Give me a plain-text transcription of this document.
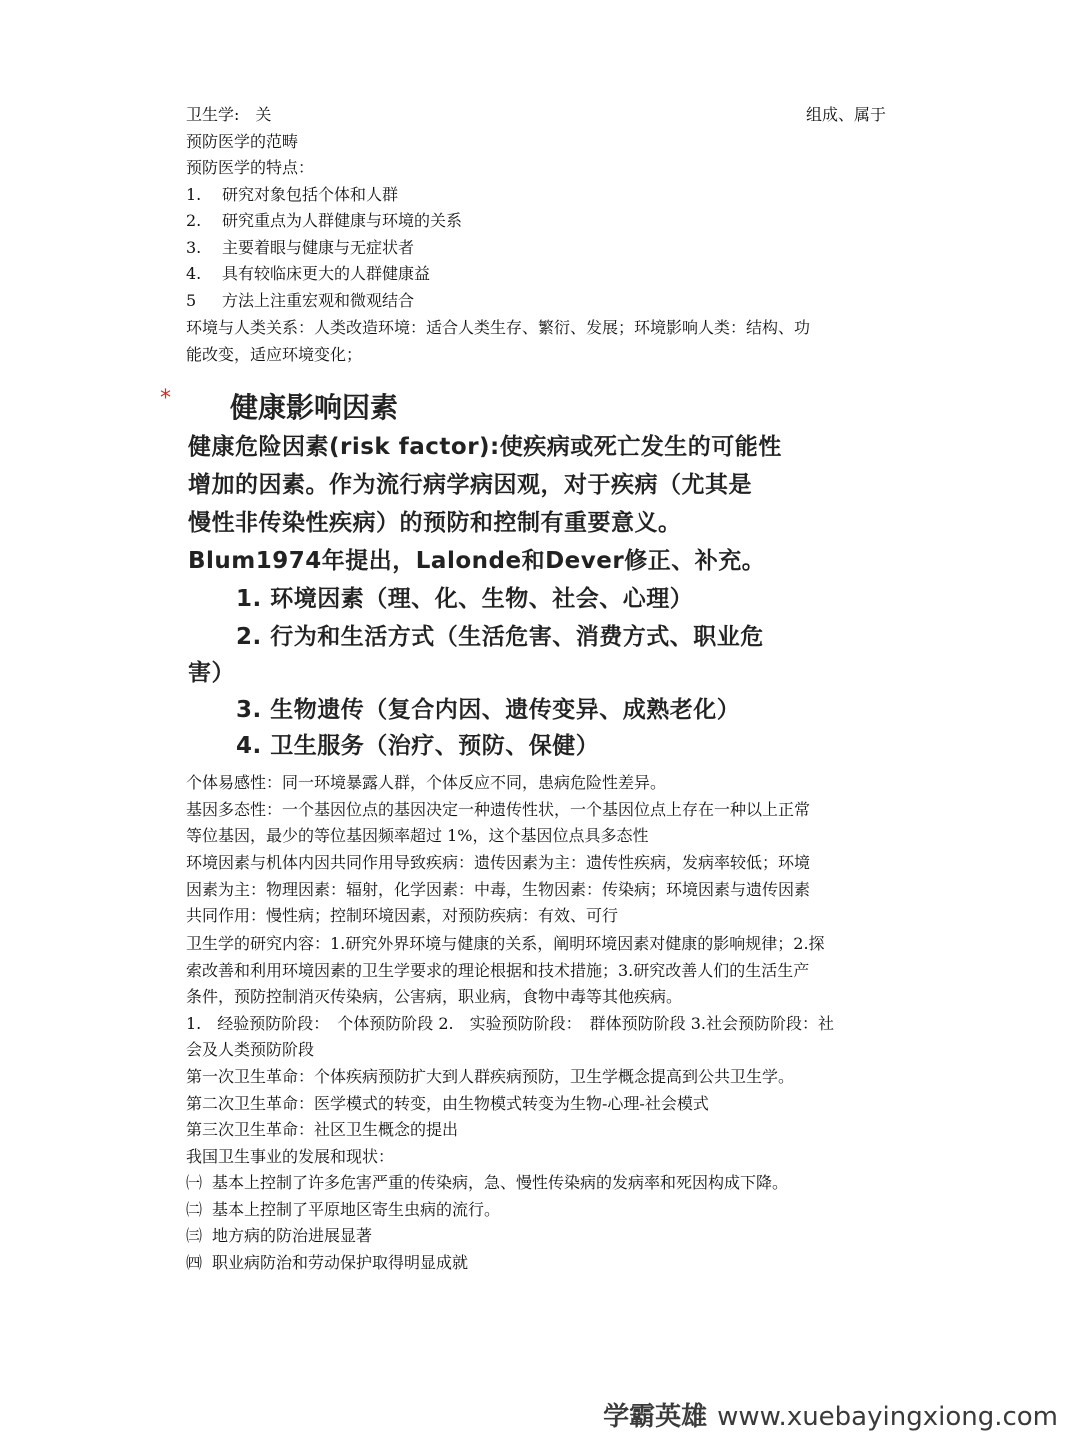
卫生学:　关	组成、属于
预防医学的范畴
预防医学的特点：
1. 研究对象包括个体和人群
2. 研究重点为人群健康与环境的关系
3. 主要着眼与健康与无症状者
4. 具有较临床更大的人群健康益
5 方法上注重宏观和微观结合
环境与人类关系：人类改造环境：适合人类生存、繁衍、发展；环境影响人类：结构、功
能改变，适应环境变化；
* 健康影响因素
健康危险因素(risk factor):使疾病或死亡发生的可能性
增加的因素。作为流行病学病因观，对于疾病（尤其是
慢性非传染性疾病）的预防和控制有重要意义。
Blum1974年提出，Lalonde和Dever修正、补充。
1. 环境因素（理、化、生物、社会、心理）
2. 行为和生活方式（生活危害、消费方式、职业危
害）
3. 生物遗传（复合内因、遗传变异、成熟老化）
4. 卫生服务（治疗、预防、保健）
个体易感性：同一环境暴露人群，个体反应不同，患病危险性差异。
基因多态性：一个基因位点的基因决定一种遗传性状，一个基因位点上存在一种以上正常
等位基因，最少的等位基因频率超过 1%，这个基因位点具多态性
环境因素与机体内因共同作用导致疾病：遗传因素为主：遗传性疾病，发病率较低；环境
因素为主：物理因素：辐射，化学因素：中毒，生物因素：传染病；环境因素与遗传因素
共同作用：慢性病；控制环境因素，对预防疾病：有效、可行
卫生学的研究内容：1.研究外界环境与健康的关系，阐明环境因素对健康的影响规律；2.探
索改善和利用环境因素的卫生学要求的理论根据和技术措施；3.研究改善人们的生活生产
条件，预防控制消灭传染病，公害病，职业病，食物中毒等其他疾病。
1.　经验预防阶段：　个体预防阶段 2.　实验预防阶段：　群体预防阶段 3.社会预防阶段：社
会及人类预防阶段
第一次卫生革命：个体疾病预防扩大到人群疾病预防，卫生学概念提高到公共卫生学。
第二次卫生革命：医学模式的转变，由生物模式转变为生物-心理-社会模式
第三次卫生革命：社区卫生概念的提出
我国卫生事业的发展和现状：
㈠ 基本上控制了许多危害严重的传染病，急、慢性传染病的发病率和死因构成下降。
㈡ 基本上控制了平原地区寄生虫病的流行。
㈢ 地方病的防治进展显著
㈣ 职业病防治和劳动保护取得明显成就
学霸英雄 www.xuebayingxiong.com
